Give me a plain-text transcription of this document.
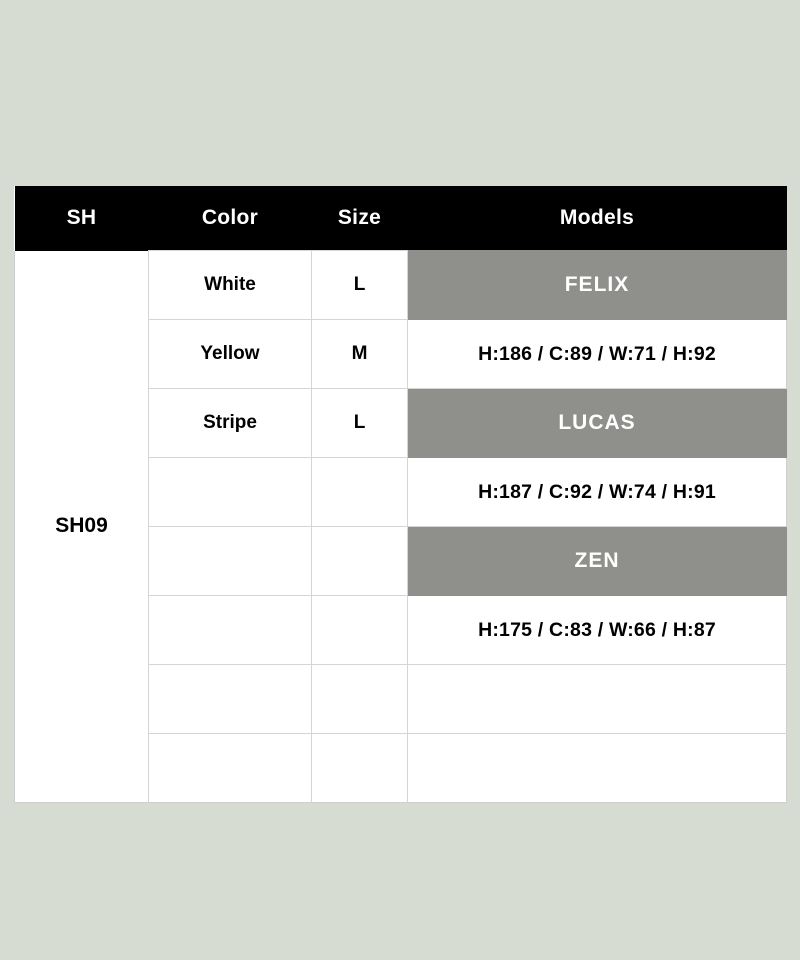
SH	Color	Size	Models
SH09	White	L	FELIX
	Yellow	M	H:186 / C:89 / W:71 / H:92
	Stripe	L	LUCAS
			H:187 / C:92 / W:74 / H:91
			ZEN
			H:175 / C:83 / W:66 / H:87
